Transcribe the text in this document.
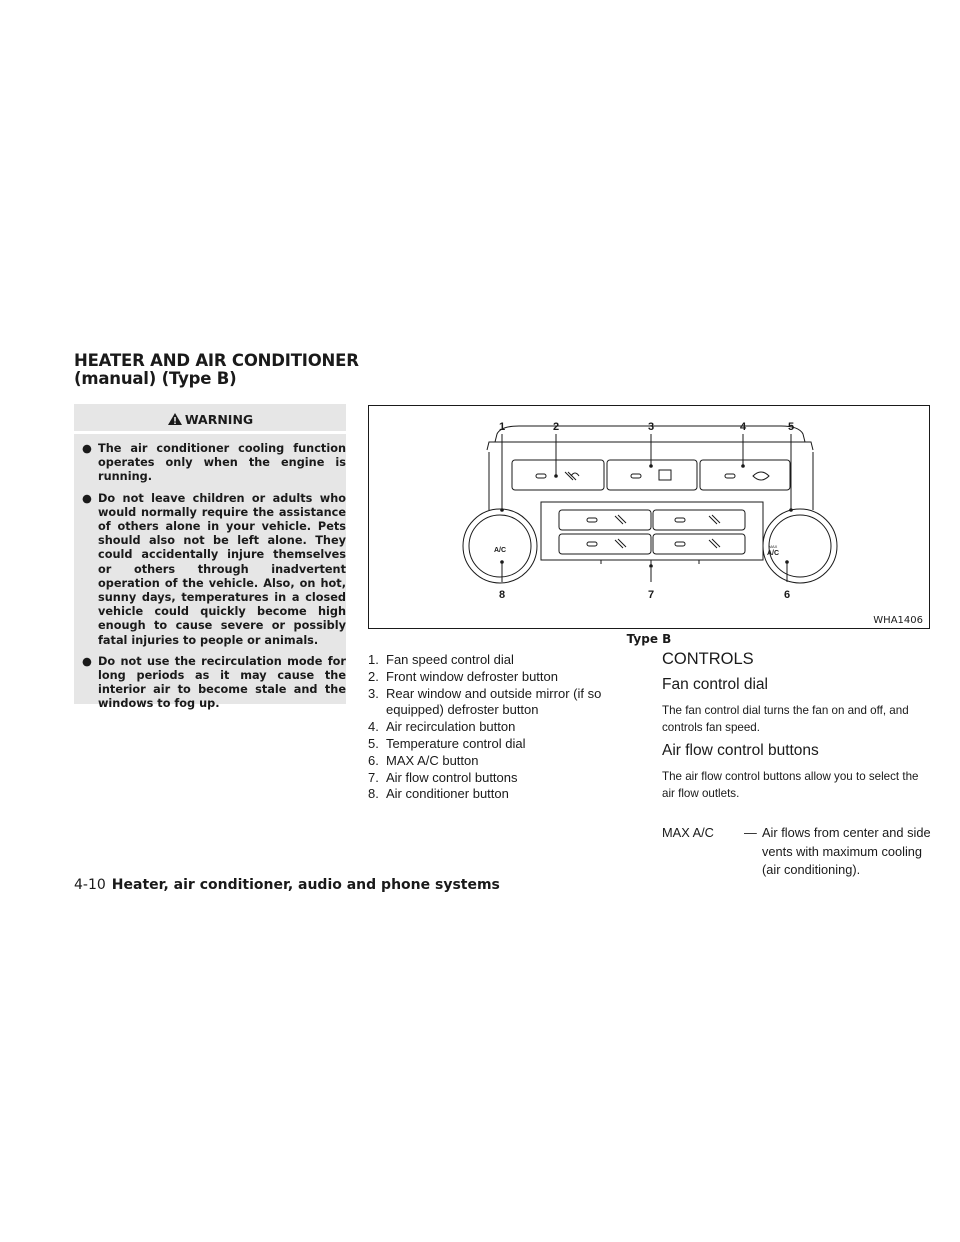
HEATER AND AIR CONDITIONER
(manual) (Type B)
WARNING
● The air conditioner cooling function operates only when the engine is running.
● Do not leave children or adults who would normally require the assistance of others alone in your vehicle. Pets should also not be left alone. They could accidentally injure themselves or others through inadvertent operation of the vehicle. Also, on hot, sunny days, temperatures in a closed vehicle could quickly become high enough to cause severe or possibly fatal injuries to people or animals.
● Do not use the recirculation mode for long periods as it may cause the interior air to become stale and the windows to fog up.
1	2	3	4	5
6
7
8
A/C
MAX
A/C
WHA1406
Type B
1. Fan speed control dial
2. Front window defroster button
3. Rear window and outside mirror (if so equipped) defroster button
4. Air recirculation button
5. Temperature control dial
6. MAX A/C button
7. Air flow control buttons
8. Air conditioner button
CONTROLS
Fan control dial
The fan control dial turns the fan on and off, and controls fan speed.
Air flow control buttons
The air flow control buttons allow you to select the air flow outlets.
MAX A/C — Air flows from center and side vents with maximum cooling (air conditioning).
4-10 Heater, air conditioner, audio and phone systems
